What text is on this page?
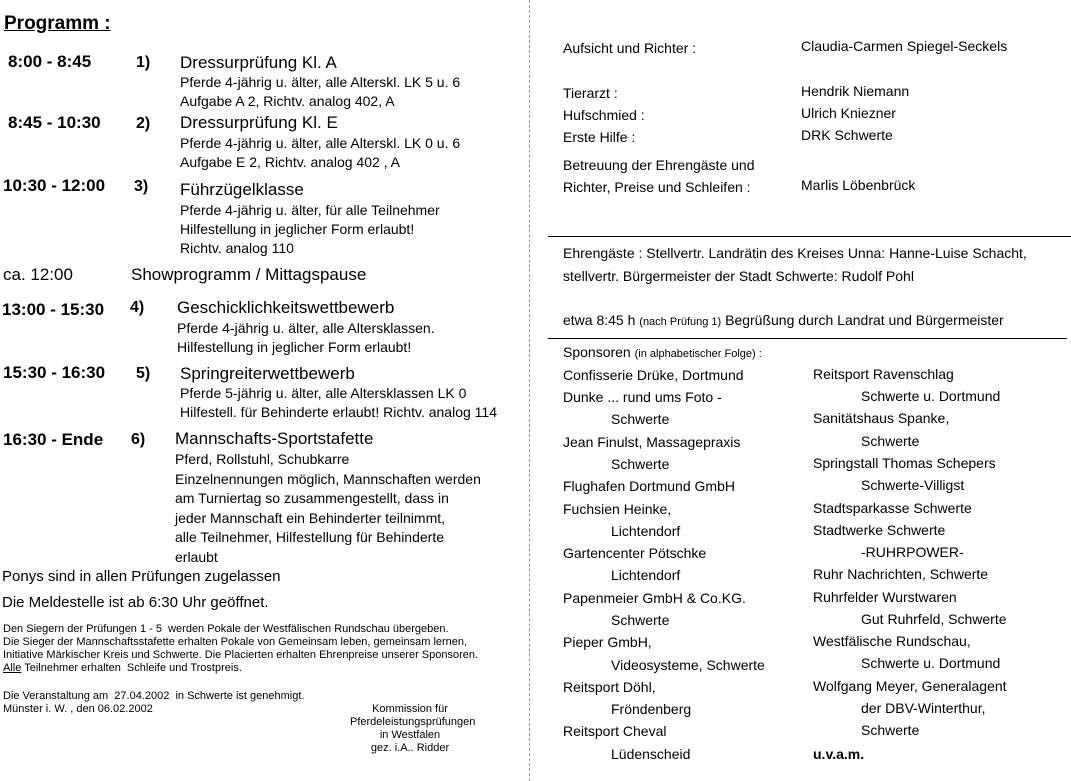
Programm :
8:00 - 8:45	1) Dressurprüfung Kl. A
Pferde 4-jährig u. älter, alle Alterskl. LK 5 u. 6
Aufgabe A 2, Richtv. analog 402, A
8:45 - 10:30 2) Dressurprüfung Kl. E
Pferde 4-jährig u. älter, alle Alterskl. LK 0 u. 6
Aufgabe E 2, Richtv. analog 402 , A
10:30 - 12:00 3) Führzügelklasse
Pferde 4-jährig u. älter, für alle Teilnehmer
Hilfestellung in jeglicher Form erlaubt!
Richtv. analog 110
ca. 12:00	Showprogramm / Mittagspause
13:00 - 15:30 4) Geschicklichkeitswettbewerb
Pferde 4-jährig u. älter, alle Altersklassen.
Hilfestellung in jeglicher Form erlaubt!
15:30 - 16:30 5) Springreiterwettbewerb
Pferde 5-jährig u. älter, alle Altersklassen LK 0
Hilfestell. für Behinderte erlaubt! Richtv. analog 114
16:30 - Ende 6) Mannschafts-Sportstafette
Pferd, Rollstuhl, Schubkarre
Einzelnennungen möglich, Mannschaften werden
am Turniertag so zusammengestellt, dass in
jeder Mannschaft ein Behinderter teilnimmt,
alle Teilnehmer, Hilfestellung für Behinderte
erlaubt
Ponys sind in allen Prüfungen zugelassen
Die Meldestelle ist ab 6:30 Uhr geöffnet.
Den Siegern der Prüfungen 1 - 5  werden Pokale der Westfälischen Rundschau übergeben.
Die Sieger der Mannschaftsstafette erhalten Pokale von Gemeinsam leben, gemeinsam lernen,
Initiative Märkischer Kreis und Schwerte. Die Placierten erhalten Ehrenpreise unserer Sponsoren.
Alle Teilnehmer erhalten  Schleife und Trostpreis.
Die Veranstaltung am  27.04.2002  in Schwerte ist genehmigt.
Münster i. W. , den 06.02.2002	Kommission für
Pferdeleistungsprüfungen
in Westfalen
gez. i.A.. Ridder
Aufsicht und Richter :	Claudia-Carmen Spiegel-Seckels
Tierarzt :	Hendrik Niemann
Hufschmied :	Ulrich Kniezner
Erste Hilfe :	DRK Schwerte
Betreuung der Ehrengäste und
Richter, Preise und Schleifen :	Marlis Löbenbrück
Ehrengäste : Stellvertr. Landrätin des Kreises Unna: Hanne-Luise Schacht,
stellvertr. Bürgermeister der Stadt Schwerte: Rudolf Pohl
etwa 8:45 h (nach Prüfung 1) Begrüßung durch Landrat und Bürgermeister
Sponsoren (in alphabetischer Folge) :
Confisserie Drüke, Dortmund
Dunke ... rund ums Foto -
Schwerte
Jean Finulst, Massagepraxis
Schwerte
Flughafen Dortmund GmbH
Fuchsien Heinke,
Lichtendorf
Gartencenter Pötschke
Lichtendorf
Papenmeier GmbH & Co.KG.
Schwerte
Pieper GmbH,
Videosysteme, Schwerte
Reitsport Döhl,
Fröndenberg
Reitsport Cheval
Lüdenscheid
Reitsport Ravenschlag
Schwerte u. Dortmund
Sanitätshaus Spanke,
Schwerte
Springstall Thomas Schepers
Schwerte-Villigst
Stadtsparkasse Schwerte
Stadtwerke Schwerte
-RUHRPOWER-
Ruhr Nachrichten, Schwerte
Ruhrfelder Wurstwaren
Gut Ruhrfeld, Schwerte
Westfälische Rundschau,
Schwerte u. Dortmund
Wolfgang Meyer, Generalagent
der DBV-Winterthur,
Schwerte
u.v.a.m.
